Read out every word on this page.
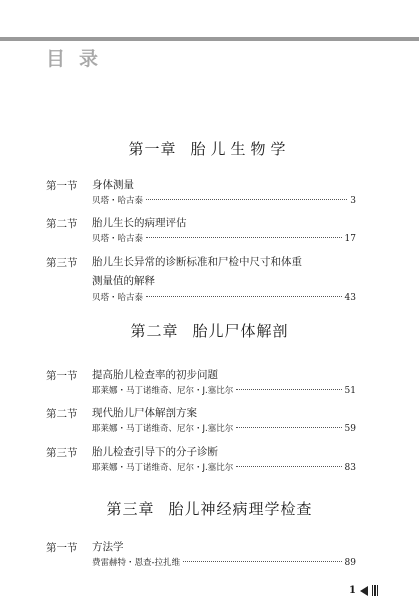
目录
第一章 胎儿生物学
第一节 身体测量
贝塔・哈古泰	3
第二节 胎儿生长的病理评估
贝塔・哈古泰	17
第三节 胎儿生长异常的诊断标准和尸检中尺寸和体重
测量值的解释
贝塔・哈古泰	43
第二章 胎儿尸体解剖
第一节 提高胎儿检查率的初步问题
耶莱娜・马丁诺维奇、尼尔・J.塞比尔	51
第二节 现代胎儿尸体解剖方案
耶莱娜・马丁诺维奇、尼尔・J.塞比尔	59
第三节 胎儿检查引导下的分子诊断
耶莱娜・马丁诺维奇、尼尔・J.塞比尔	83
第三章 胎儿神经病理学检查
第一节 方法学
费雷赫特・恩查-拉扎维	89
1
